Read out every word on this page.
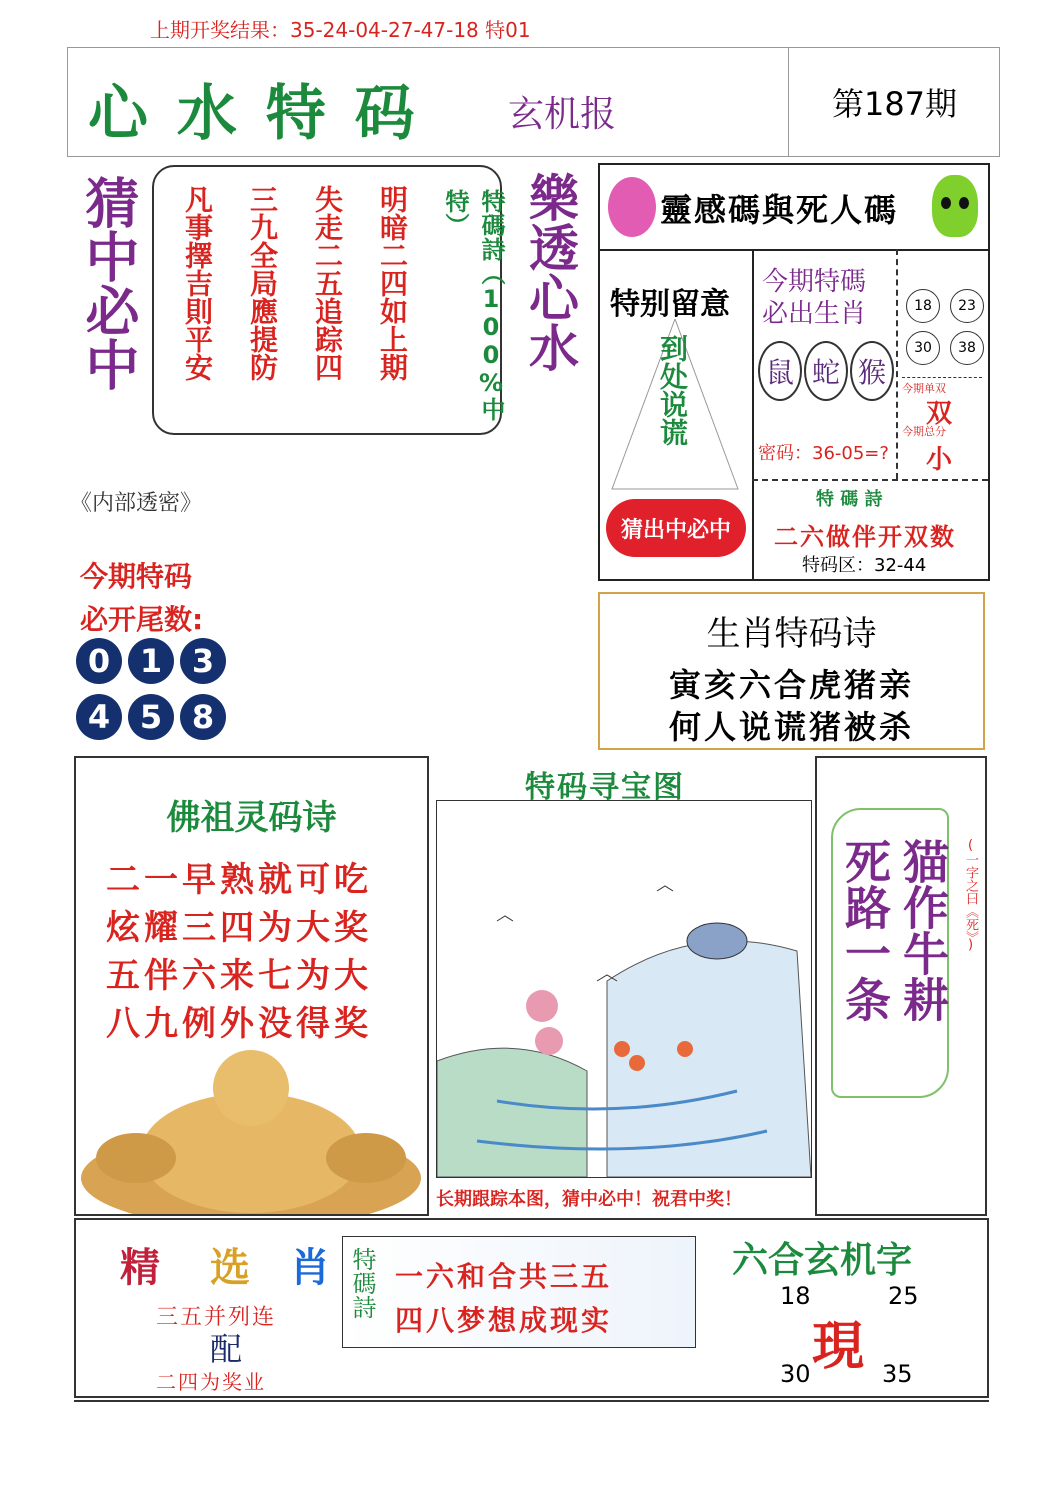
上期开奖结果：35-24-04-27-47-18 特01
心 水 特 码 玄机报	第187期
猜中必中	凡事擇吉則平安	三九全局應提防	失走二五追踪四	明暗二四如上期	特碼詩（100%中特）	樂透心水
《内部透密》
今期特码
必开尾数:
0 1 3
4 5 8
靈感碼與死人碼
特别留意
到处说谎
猜出中必中
今期特碼
必出生肖
鼠 蛇 猴
密码：36-05=?
18	23
30	38
今期单双
双
今期总分
小
特 碼 詩
二六做伴开双数
特码区：32-44
生肖特码诗
寅亥六合虎猪亲
何人说谎猪被杀
佛祖灵码诗
二一早熟就可吃
炫耀三四为大奖
五伴六来七为大
八九例外没得奖
特码寻宝图
长期跟踪本图，猜中必中！祝君中奖！
猫作牛耕
死路一条	(一字之曰《死》)
精 选 肖
三五并列连
配
二四为奖业
特碼詩 一六和合共三五
四八梦想成现实
六合玄机字
18	25
30	35
現
